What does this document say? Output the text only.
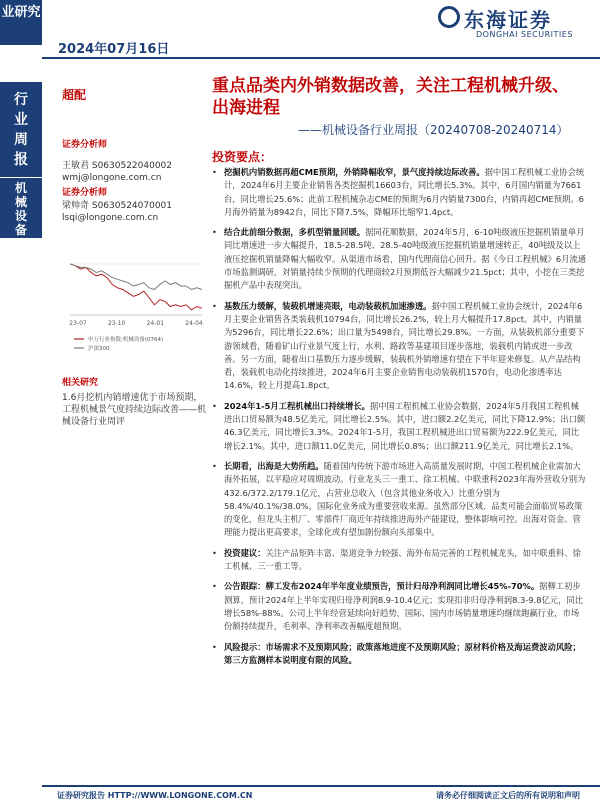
业研究
行
业
周
报
机
械
设
备
2024年07月16日
东海证券
DONGHAI SECURITIES
超配	重点品类内外销数据改善，关注工程机械升级、出海进程
——机械设备行业周报（20240708-20240714）
证券分析师
王敏君 S0630522040002
wmj@longone.com.cn
证券分析师
梁帅奇 S0630524070001
lsqi@longone.com.cn
23-07	23-10	24-01	24-04
申万行业指数:机械设备(0764)
沪深300
相关研究
1.6月挖机内销增速优于市场预期，工程机械景气度持续边际改善——机械设备行业周评
投资要点：
• 挖掘机内销数据再超CME预期，外销降幅收窄，景气度持续边际改善。据中国工程机械工业协会统计，2024年6月主要企业销售各类挖掘机16603台，同比增长5.3%。其中，6月国内销量为7661台，同比增长25.6%；此前工程机械杂志CME的预期为6月内销量7300台，内销再超CME预期。6月海外销量为8942台，同比下降7.5%，降幅环比缩窄1.4pct。
• 结合此前细分数据，多机型销量回暖。据同花顺数据，2024年5月，6-10吨级液压挖掘机销量单月同比增速进一步大幅提升，18.5-28.5吨、28.5-40吨级液压挖掘机销量增速转正，40吨级及以上液压挖掘机销量降幅大幅收窄。从渠道市场看，国内代理商信心回升。据《今日工程机械》6月流通市场监测调研，対销量持续少预期的代理商较2月预期低谷大幅减少21.5pct；其中，小挖在三类挖掘机产品中表现突出。
• 基数压力缓解，装载机增速亮眼，电动装载机加速渗透。据中国工程机械工业协会统计，2024年6月主要企业销售各类装载机10794台，同比增长26.2%，较上月大幅提升17.8pct。其中，内销量为5296台，同比增长22.6%；出口量为5498台，同比增长29.8%。一方面，从装载机部分重要下游领域看，随着矿山行业景气度上行，水利、路政等基建项目逐步落地，装载机内销或进一步改善。另一方面，随着出口基数压力逐步缓解，装载机外销增速有望在下半年迎来修复。从产品结构看，装载机电动化持续推进，2024年6月主要企业销售电动装载机1570台，电动化渗透率达14.6%，较上月提高1.8pct。
• 2024年1-5月工程机械出口持续增长。据中国工程机械工业协会数据，2024年5月我国工程机械进出口贸易额为48.5亿美元，同比增长2.5%。其中，进口额2.2亿美元，同比下降12.9%；出口额46.3亿美元，同比增长3.3%。2024年1-5月，我国工程机械进出口贸易额为222.9亿美元，同比增长2.1%。其中，进口额11.0亿美元，同比增长0.8%；出口额211.9亿美元，同比增长2.1%。
• 长期看，出海是大势所趋。随着国内传统下游市场进入高质量发展时期，中国工程机械企业需加大海外拓展，以平稳应对周期波动。行业龙头三一重工、徐工机械、中联重科2023年海外营收分别为432.6/372.2/179.1亿元，占营业总收入（包含其他业务收入）比重分别为58.4%/40.1%/38.0%，国际化业务成为重要营收来源。虽然部分区域、品类可能会面临贸易政策的变化，但龙头主机厂、零部件厂商近年持续推进海外产能建设，整体影响可控。出海对资金、管理能力提出更高要求，全球化或有望加剧份额向头部集中。
• 投资建议：关注产品矩阵丰富、渠道竞争力较强、海外布局完善的工程机械龙头，如中联重科、徐工机械、三一重工等。
• 公告跟踪：柳工发布2024年半年度业绩预告，预计归母净利润同比增长45%-70%。据柳工初步测算，预计2024年上半年实现归母净利润8.9-10.4亿元；实现扣非归母净利润8.3-9.8亿元，同比增长58%-88%。公司上半年经营延续向好趋势，国际、国内市场销量增速均继续跑赢行业，市场份额持续提升，毛利率、净利率改善幅度超预期。
• 风险提示：市场需求不及预期风险；政策落地进度不及预期风险；原材料价格及海运费波动风险；第三方监测样本说明度有限的风险。
证券研究报告 HTTP://WWW.LONGONE.COM.CN	请务必仔细阅读正文后的所有说明和声明
